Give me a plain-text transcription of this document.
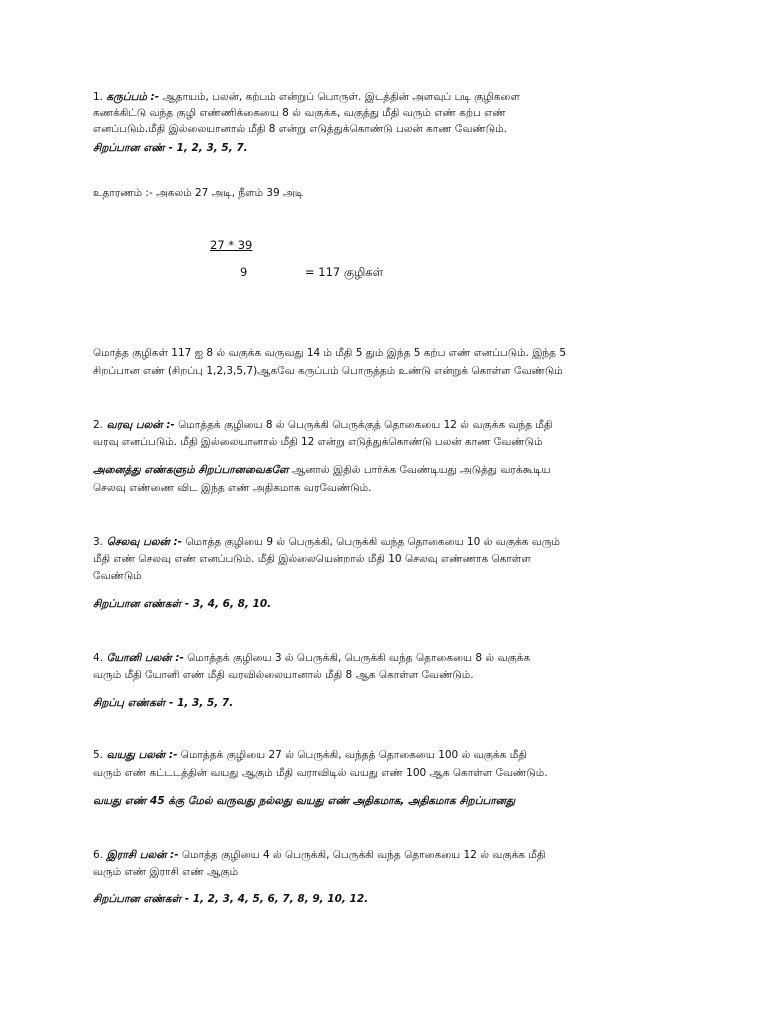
1. கருப்பம் :- ஆதாயம், பலன், கற்பம் என்றுப் பொருள். இடத்தின் அளவுப் படி குழிகளை
கணக்கிட்டு வந்த குழி எண்ணிக்கையை 8 ல் வகுக்க, வகுத்து மீதி வரும் எண் கற்ப எண்
எனப்படும்.மீதி இல்லையானால் மீதி 8 என்று எடுத்துக்கொண்டு பலன் காண வேண்டும்.
சிறப்பான எண் - 1, 2, 3, 5, 7.
உதாரணம் :- அகலம் 27 அடி, நீளம் 39 அடி
$\frac{27 * 39}{9}$
= 117 குழிகள்
மொத்த குழிகள் 117 ஐ 8 ல் வகுக்க வருவது 14 ம் மீதி 5 தும் இந்த 5 கற்ப எண் எனப்படும். இந்த 5
சிறப்பான எண் (சிறப்பு 1,2,3,5,7)ஆகவே கருப்பம் பொருத்தம் உண்டு என்றுக் கொள்ள வேண்டும்
2. வரவு பலன் :- மொத்தக் குழியை 8 ல் பெருக்கி பெருக்குத் தொகையை 12 ல் வகுக்க வந்த மீதி
வரவு எனப்படும். மீதி இல்லையானால் மீதி 12 என்று எடுத்துக்கொண்டு பலன் காண வேண்டும்
அனைத்து எண்களும் சிறப்பானவைகளே ஆனால் இதில் பார்க்க வேண்டியது அடுத்து வரக்கூடிய
செலவு எண்ணை விட இந்த எண் அதிகமாக வரவேண்டும்.
3. செலவு பலன் :- மொத்த குழியை 9 ல் பெருக்கி, பெருக்கி வந்த தொகையை 10 ல் வகுக்க வரும்
மீதி எண் செலவு எண் எனப்படும். மீதி இல்லையென்றால் மீதி 10 செலவு எண்ணாக கொள்ள
வேண்டும்
சிறப்பான எண்கள் - 3, 4, 6, 8, 10.
4. யோனி பலன் :- மொத்தக் குழியை 3 ல் பெருக்கி, பெருக்கி வந்த தொகையை 8 ல் வகுக்க
வரும் மீதி யோனி எண் மீதி வரவில்லையானால் மீதி 8 ஆக கொள்ள வேண்டும்.
சிறப்பு எண்கள் - 1, 3, 5, 7.
5. வயது பலன் :- மொத்தக் குழியை 27 ல் பெருக்கி, வந்தத் தொகையை 100 ல் வகுக்க மீதி
வரும் எண் கட்டடத்தின் வயது ஆகும் மீதி வராவிடில் வயது எண் 100 ஆக கொள்ள வேண்டும்.
வயது எண் 45 க்கு மேல் வருவது நல்லது வயது எண் அதிகமாக, அதிகமாக சிறப்பானது
6. இராசி பலன் :- மொத்த குழியை 4 ல் பெருக்கி, பெருக்கி வந்த தொகையை 12 ல் வகுக்க மீதி
வரும் எண் இராசி எண் ஆகும்
சிறப்பான எண்கள் - 1, 2, 3, 4, 5, 6, 7, 8, 9, 10, 12.
